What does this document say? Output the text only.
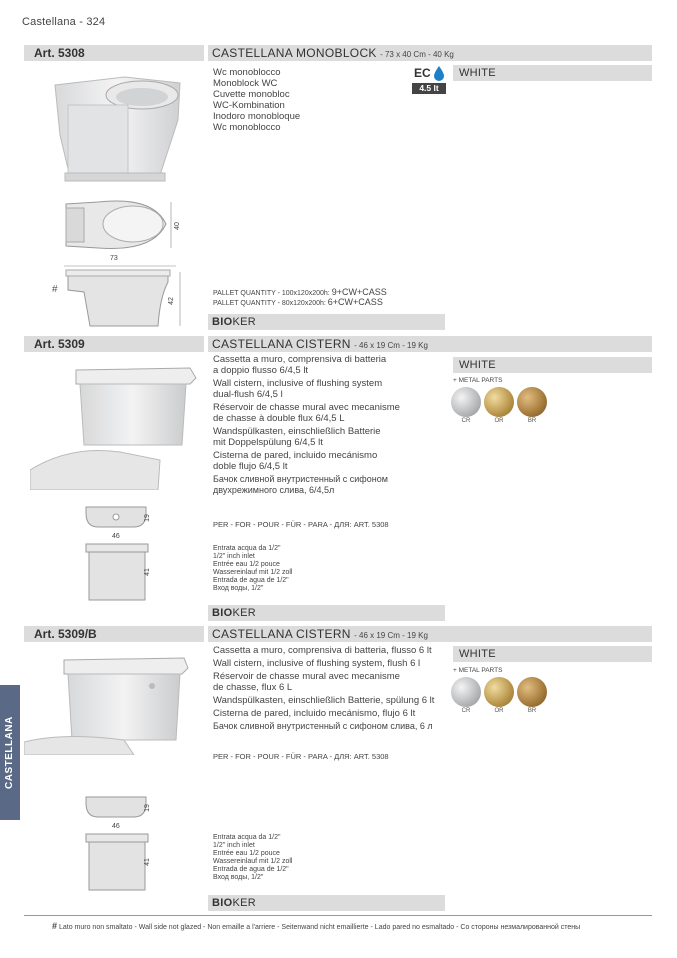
Castellana - 324
CASTELLANA
Art. 5308	CASTELLANA MONOBLOCK - 73 x 40 Cm - 40 Kg
40
73
#
42
Wc monoblocco
Monoblock WC
Cuvette monobloc
WC-Kombination
Inodoro monobloque
Wc monoblocco
EC
4.5 lt
WHITE
PALLET QUANTITY - 100x120x200h: 9+CW+CASS
PALLET QUANTITY - 80x120x200h: 6+CW+CASS
BIOKER
Art. 5309	CASTELLANA CISTERN - 46 x 19 Cm - 19 Kg
19
46
41
Cassetta a muro, comprensiva di batteria
a doppio flusso 6/4,5 lt
Wall cistern, inclusive of flushing system
dual-flush 6/4,5 l
Réservoir de chasse mural avec mecanisme
de chasse à double flux 6/4,5 L
Wandspülkasten, einschließlich Batterie
mit Doppelspülung 6/4,5 lt
Cisterna de pared, incluido mecánismo
doble flujo 6/4,5 lt
Бачок сливной внутристенный с сифоном
двухрежимного слива, 6/4,5л
PER - FOR - POUR - FÜR - PARA - ДЛЯ: ART. 5308
Entrata acqua da 1/2"
1/2" inch inlet
Entrée eau 1/2 pouce
Wassereinlauf mit 1/2 zoll
Entrada de agua de 1/2"
Вход воды, 1/2"
WHITE
+ METAL PARTS
CR	OR	BR
BIOKER
Art. 5309/B	CASTELLANA CISTERN - 46 x 19 Cm - 19 Kg
19
46
41
Cassetta a muro, comprensiva di batteria, flusso 6 lt
Wall cistern, inclusive of flushing system, flush 6 l
Réservoir de chasse mural avec mecanisme
de chasse, flux 6 L
Wandspülkasten, einschließlich Batterie, spülung 6 lt
Cisterna de pared, incluido mecánismo, flujo 6 lt
Бачок сливной внутристенный с сифоном слива, 6 л
PER - FOR - POUR - FÜR - PARA - ДЛЯ: ART. 5308
Entrata acqua da 1/2"
1/2" inch inlet
Entrée eau 1/2 pouce
Wassereinlauf mit 1/2 zoll
Entrada de agua de 1/2"
Вход воды, 1/2"
WHITE
+ METAL PARTS
CR	OR	BR
BIOKER
# Lato muro non smaltato - Wall side not glazed - Non emaille a l'arriere - Seitenwand nicht emaillierte - Lado pared no esmaltado - Со стороны незмалированной стены
